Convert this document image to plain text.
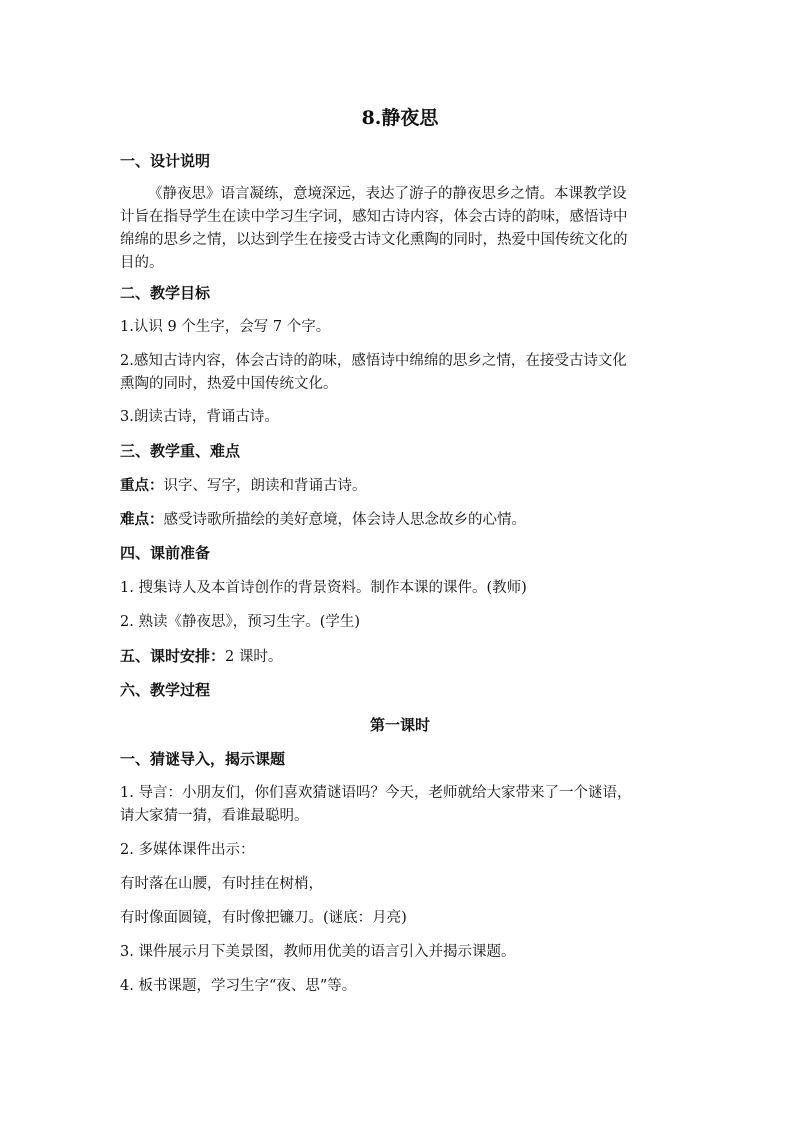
8.静夜思
一、设计说明
《静夜思》语言凝练，意境深远，表达了游子的静夜思乡之情。本课教学设
计旨在指导学生在读中学习生字词，感知古诗内容，体会古诗的韵味，感悟诗中
绵绵的思乡之情，以达到学生在接受古诗文化熏陶的同时，热爱中国传统文化的
目的。
二、教学目标
1.认识 9 个生字，会写 7 个字。
2.感知古诗内容，体会古诗的韵味，感悟诗中绵绵的思乡之情，在接受古诗文化
熏陶的同时，热爱中国传统文化。
3.朗读古诗，背诵古诗。
三、教学重、难点
重点：识字、写字，朗读和背诵古诗。
难点：感受诗歌所描绘的美好意境，体会诗人思念故乡的心情。
四、课前准备
1. 搜集诗人及本首诗创作的背景资料。制作本课的课件。(教师)
2. 熟读《静夜思》，预习生字。(学生)
五、课时安排：2 课时。
六、教学过程
第一课时
一、猜谜导入，揭示课题
1. 导言：小朋友们，你们喜欢猜谜语吗？今天，老师就给大家带来了一个谜语，
请大家猜一猜，看谁最聪明。
2. 多媒体课件出示：
有时落在山腰，有时挂在树梢，
有时像面圆镜，有时像把镰刀。(谜底：月亮)
3. 课件展示月下美景图，教师用优美的语言引入并揭示课题。
4. 板书课题，学习生字“夜、思”等。
